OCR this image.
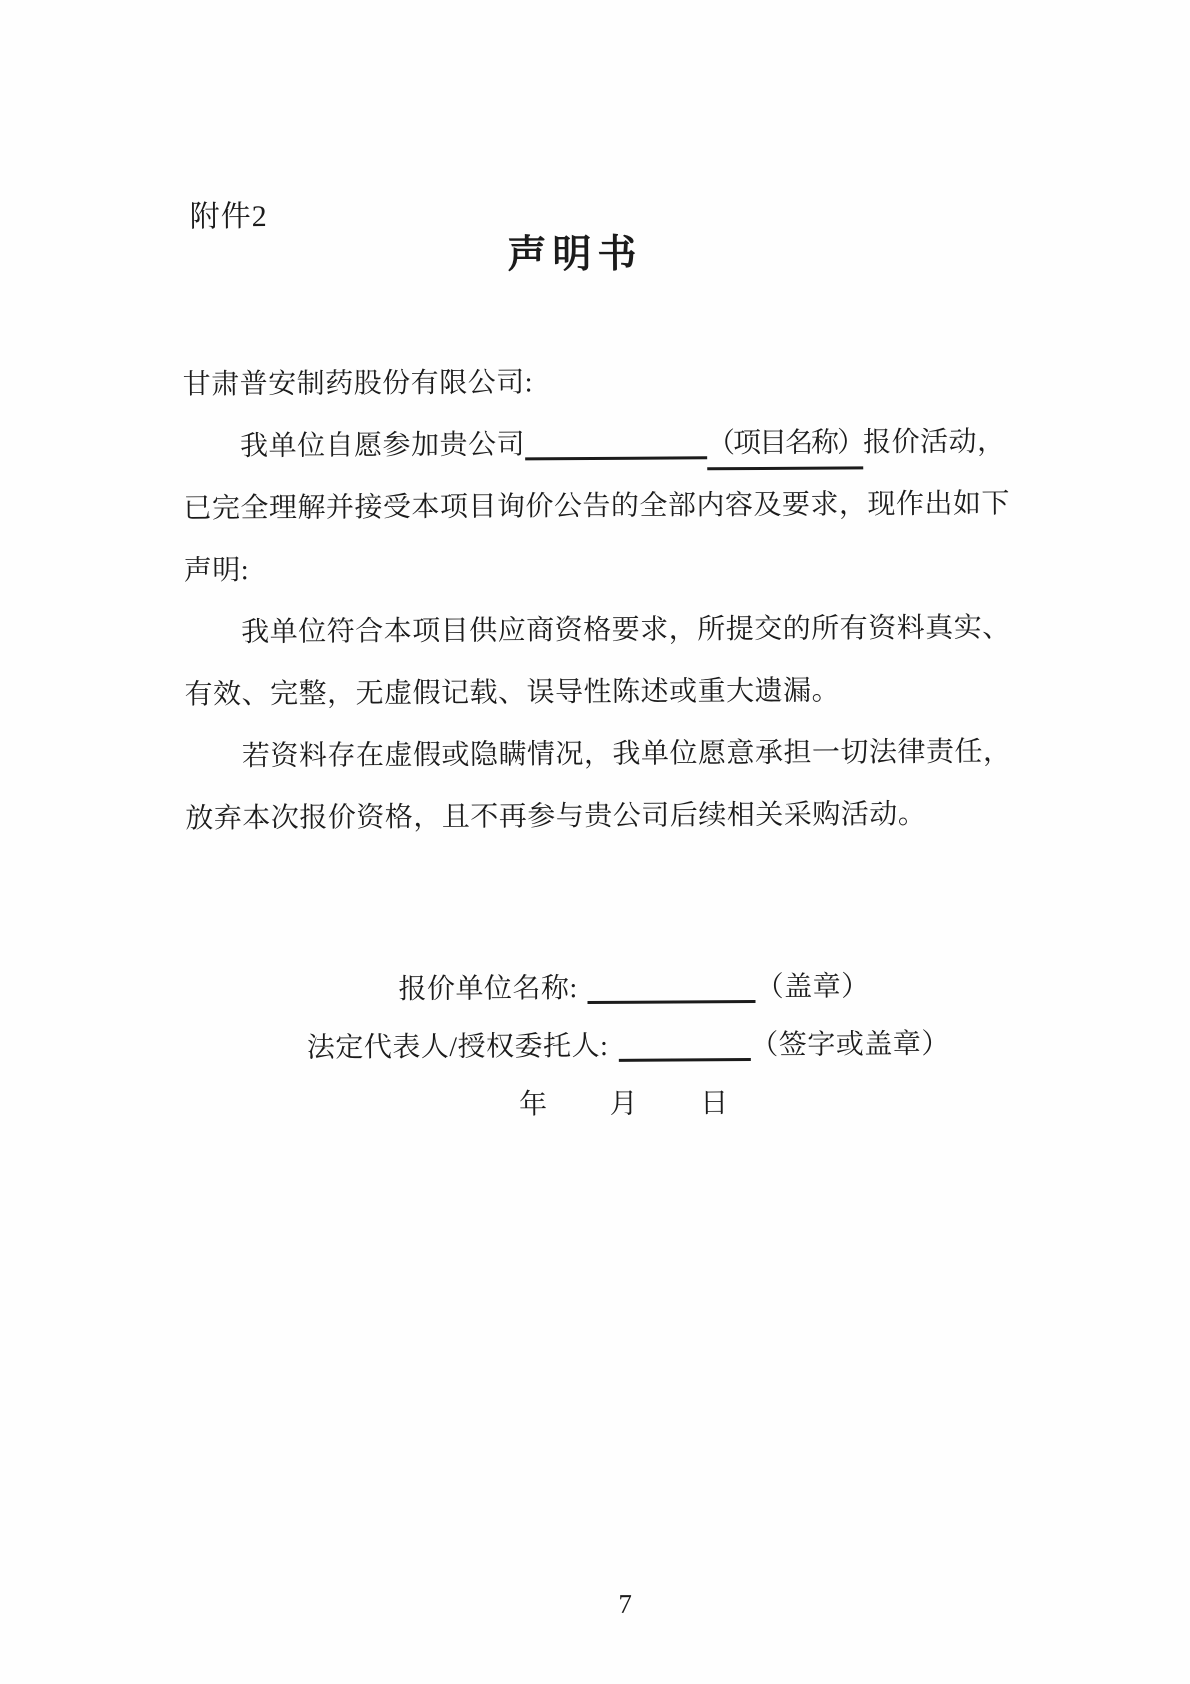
附件2
声明书
甘肃普安制药股份有限公司:
我单位自愿参加贵公司	（项目名称）报价活动，
已完全理解并接受本项目询价公告的全部内容及要求，现作出如下
声明:
我单位符合本项目供应商资格要求，所提交的所有资料真实、
有效、完整，无虚假记载、误导性陈述或重大遗漏。
若资料存在虚假或隐瞒情况，我单位愿意承担一切法律责任，
放弃本次报价资格，且不再参与贵公司后续相关采购活动。
报价单位名称:	（盖章）
法定代表人/授权委托人:	（签字或盖章）
年 月 日
7
